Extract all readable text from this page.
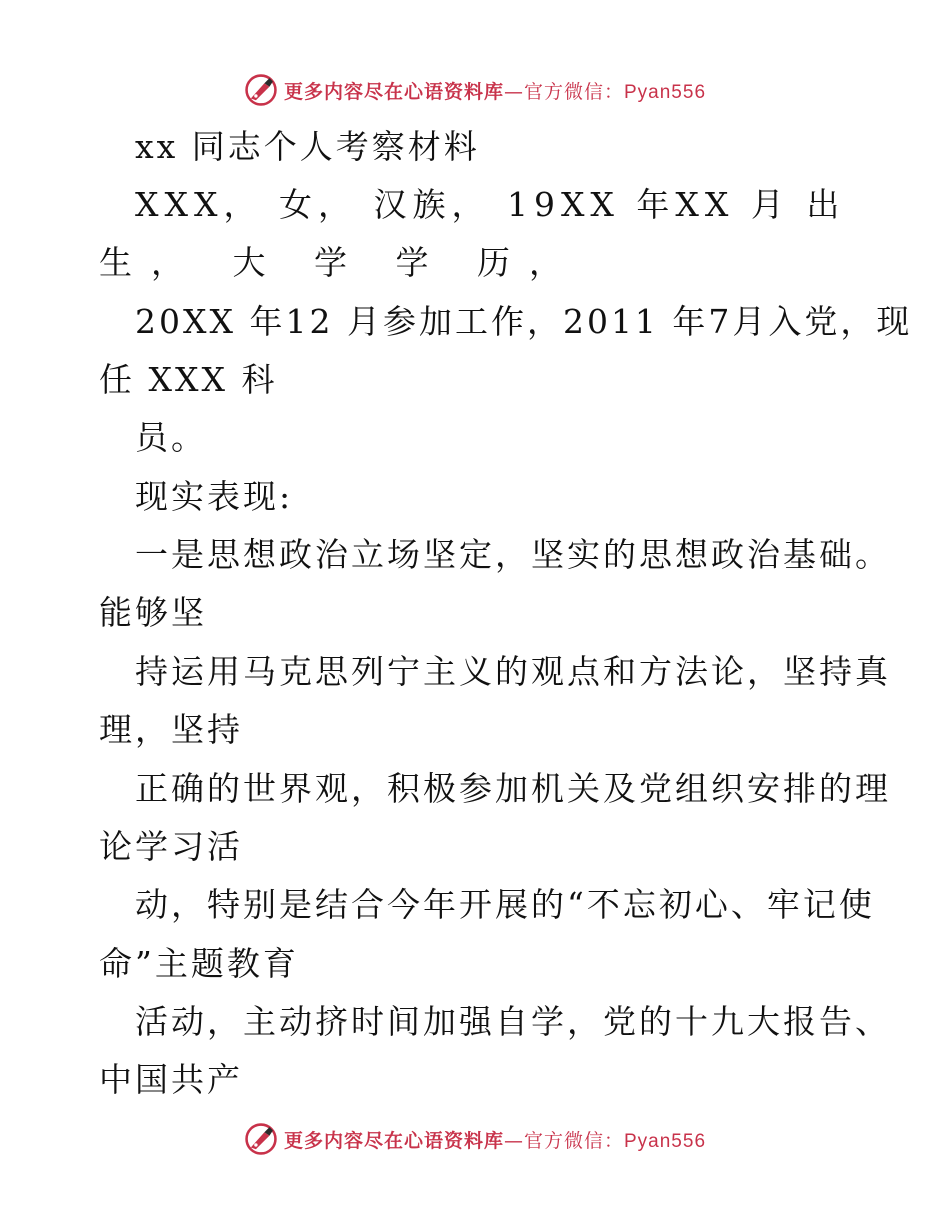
更多内容尽在心语资料库—官方微信：Pyan556
xx 同志个人考察材料
XXX， 女， 汉族， 19XX 年XX 月 出
生， 大 学 学 历，
20XX 年12 月参加工作，2011 年7月入党，现
任 XXX 科
员。
现实表现:
一是思想政治立场坚定，坚实的思想政治基础。
能够坚
持运用马克思列宁主义的观点和方法论，坚持真
理，坚持
正确的世界观，积极参加机关及党组织安排的理
论学习活
动，特别是结合今年开展的“不忘初心、牢记使
命”主题教育
活动，主动挤时间加强自学，党的十九大报告、
中国共产
更多内容尽在心语资料库—官方微信：Pyan556
